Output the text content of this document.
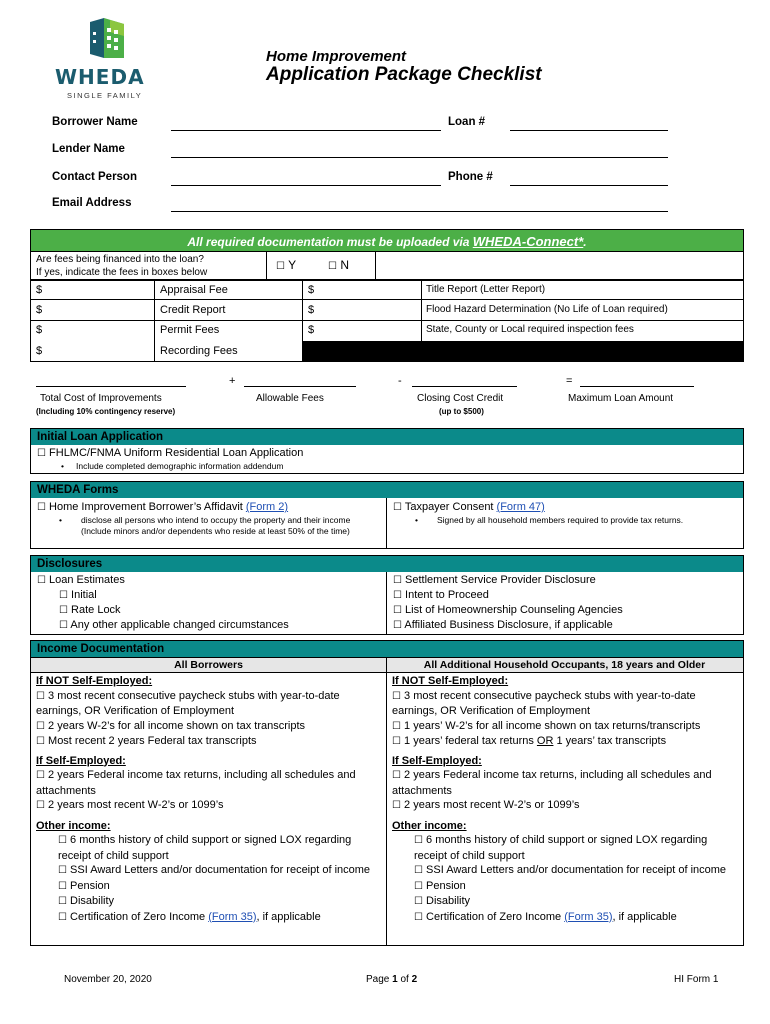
WHEDA
SINGLE FAMILY
Home Improvement
Application Package Checklist
Borrower Name	Loan #
Lender Name
Contact Person	Phone #
Email Address
All required documentation must be uploaded via WHEDA-Connect*.
Are fees being financed into the loan?
If yes, indicate the fees in boxes below	☐ Y	☐ N
$	Appraisal Fee	$	Title Report (Letter Report)
$	Credit Report	$	Flood Hazard Determination (No Life of Loan required)
$	Permit Fees	$	State, County or Local required inspection fees
$	Recording Fees
+	-	=
Total Cost of Improvements
(Including 10% contingency reserve)
Allowable Fees	Closing Cost Credit
(up to $500)
Maximum Loan Amount
Initial Loan Application
☐ FHLMC/FNMA Uniform Residential Loan Application
• Include completed demographic information addendum
WHEDA Forms
☐ Home Improvement Borrower’s Affidavit (Form 2)
• disclose all persons who intend to occupy the property and their income (Include minors and/or dependents who reside at least 50% of the time)
☐ Taxpayer Consent (Form 47)
• Signed by all household members required to provide tax returns.
Disclosures
☐ Loan Estimates
☐ Initial
☐ Rate Lock
☐ Any other applicable changed circumstances
☐ Settlement Service Provider Disclosure
☐ Intent to Proceed
☐ List of Homeownership Counseling Agencies
☐ Affiliated Business Disclosure, if applicable
Income Documentation
All Borrowers	All Additional Household Occupants, 18 years and Older
If NOT Self-Employed:
☐ 3 most recent consecutive paycheck stubs with year-to-date earnings, OR Verification of Employment
☐ 2 years W-2’s for all income shown on tax transcripts
☐ Most recent 2 years Federal tax transcripts
If Self-Employed:
☐ 2 years Federal income tax returns, including all schedules and attachments
☐ 2 years most recent W-2’s or 1099’s
Other income:
☐ 6 months history of child support or signed LOX regarding receipt of child support
☐ SSI Award Letters and/or documentation for receipt of income
☐ Pension
☐ Disability
☐ Certification of Zero Income (Form 35), if applicable
If NOT Self-Employed:
☐ 3 most recent consecutive paycheck stubs with year-to-date earnings, OR Verification of Employment
☐ 1 years’ W-2’s for all income shown on tax returns/transcripts
☐ 1 years’ federal tax returns OR 1 years’ tax transcripts
If Self-Employed:
☐ 2 years Federal income tax returns, including all schedules and attachments
☐ 2 years most recent W-2’s or 1099’s
Other income:
☐ 6 months history of child support or signed LOX regarding receipt of child support
☐ SSI Award Letters and/or documentation for receipt of income
☐ Pension
☐ Disability
☐ Certification of Zero Income (Form 35), if applicable
November 20, 2020	Page 1 of 2	HI Form 1
